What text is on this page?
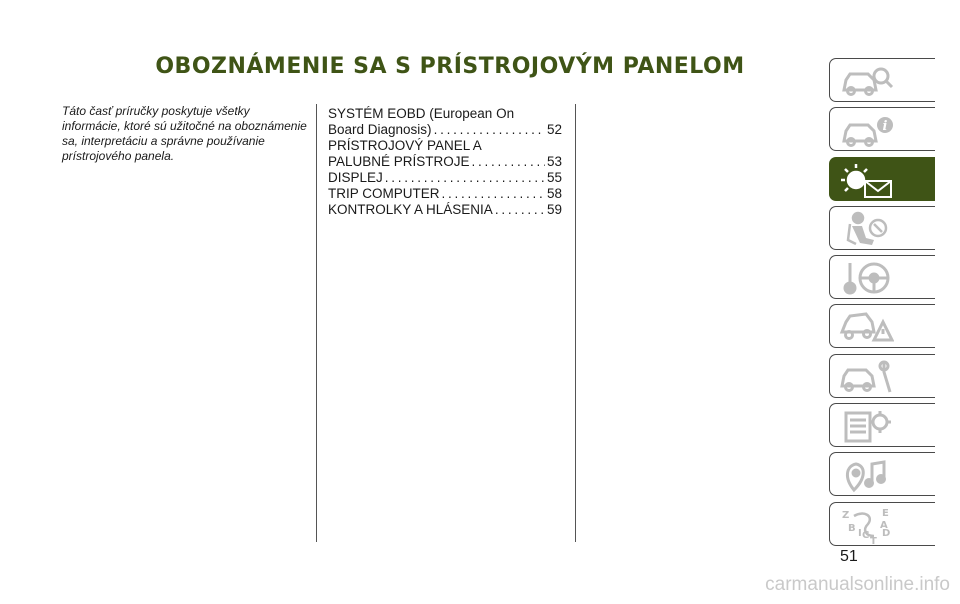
OBOZNÁMENIE SA S PRÍSTROJOVÝM PANELOM
Táto časť príručky poskytuje všetky informácie, ktoré sú užitočné na oboznámenie sa, interpretáciu a správne používanie prístrojového panela.
SYSTÉM EOBD (European On
Board Diagnosis) . . .	52
PRÍSTROJOVÝ PANEL A
PALUBNÉ PRÍSTROJE . . .	53
DISPLEJ . . .	55
TRIP COMPUTER . . .	58
KONTROLKY A HLÁSENIA . . .	59
i
Z
B I C
T
D
E
A
51
carmanualsonline.info
